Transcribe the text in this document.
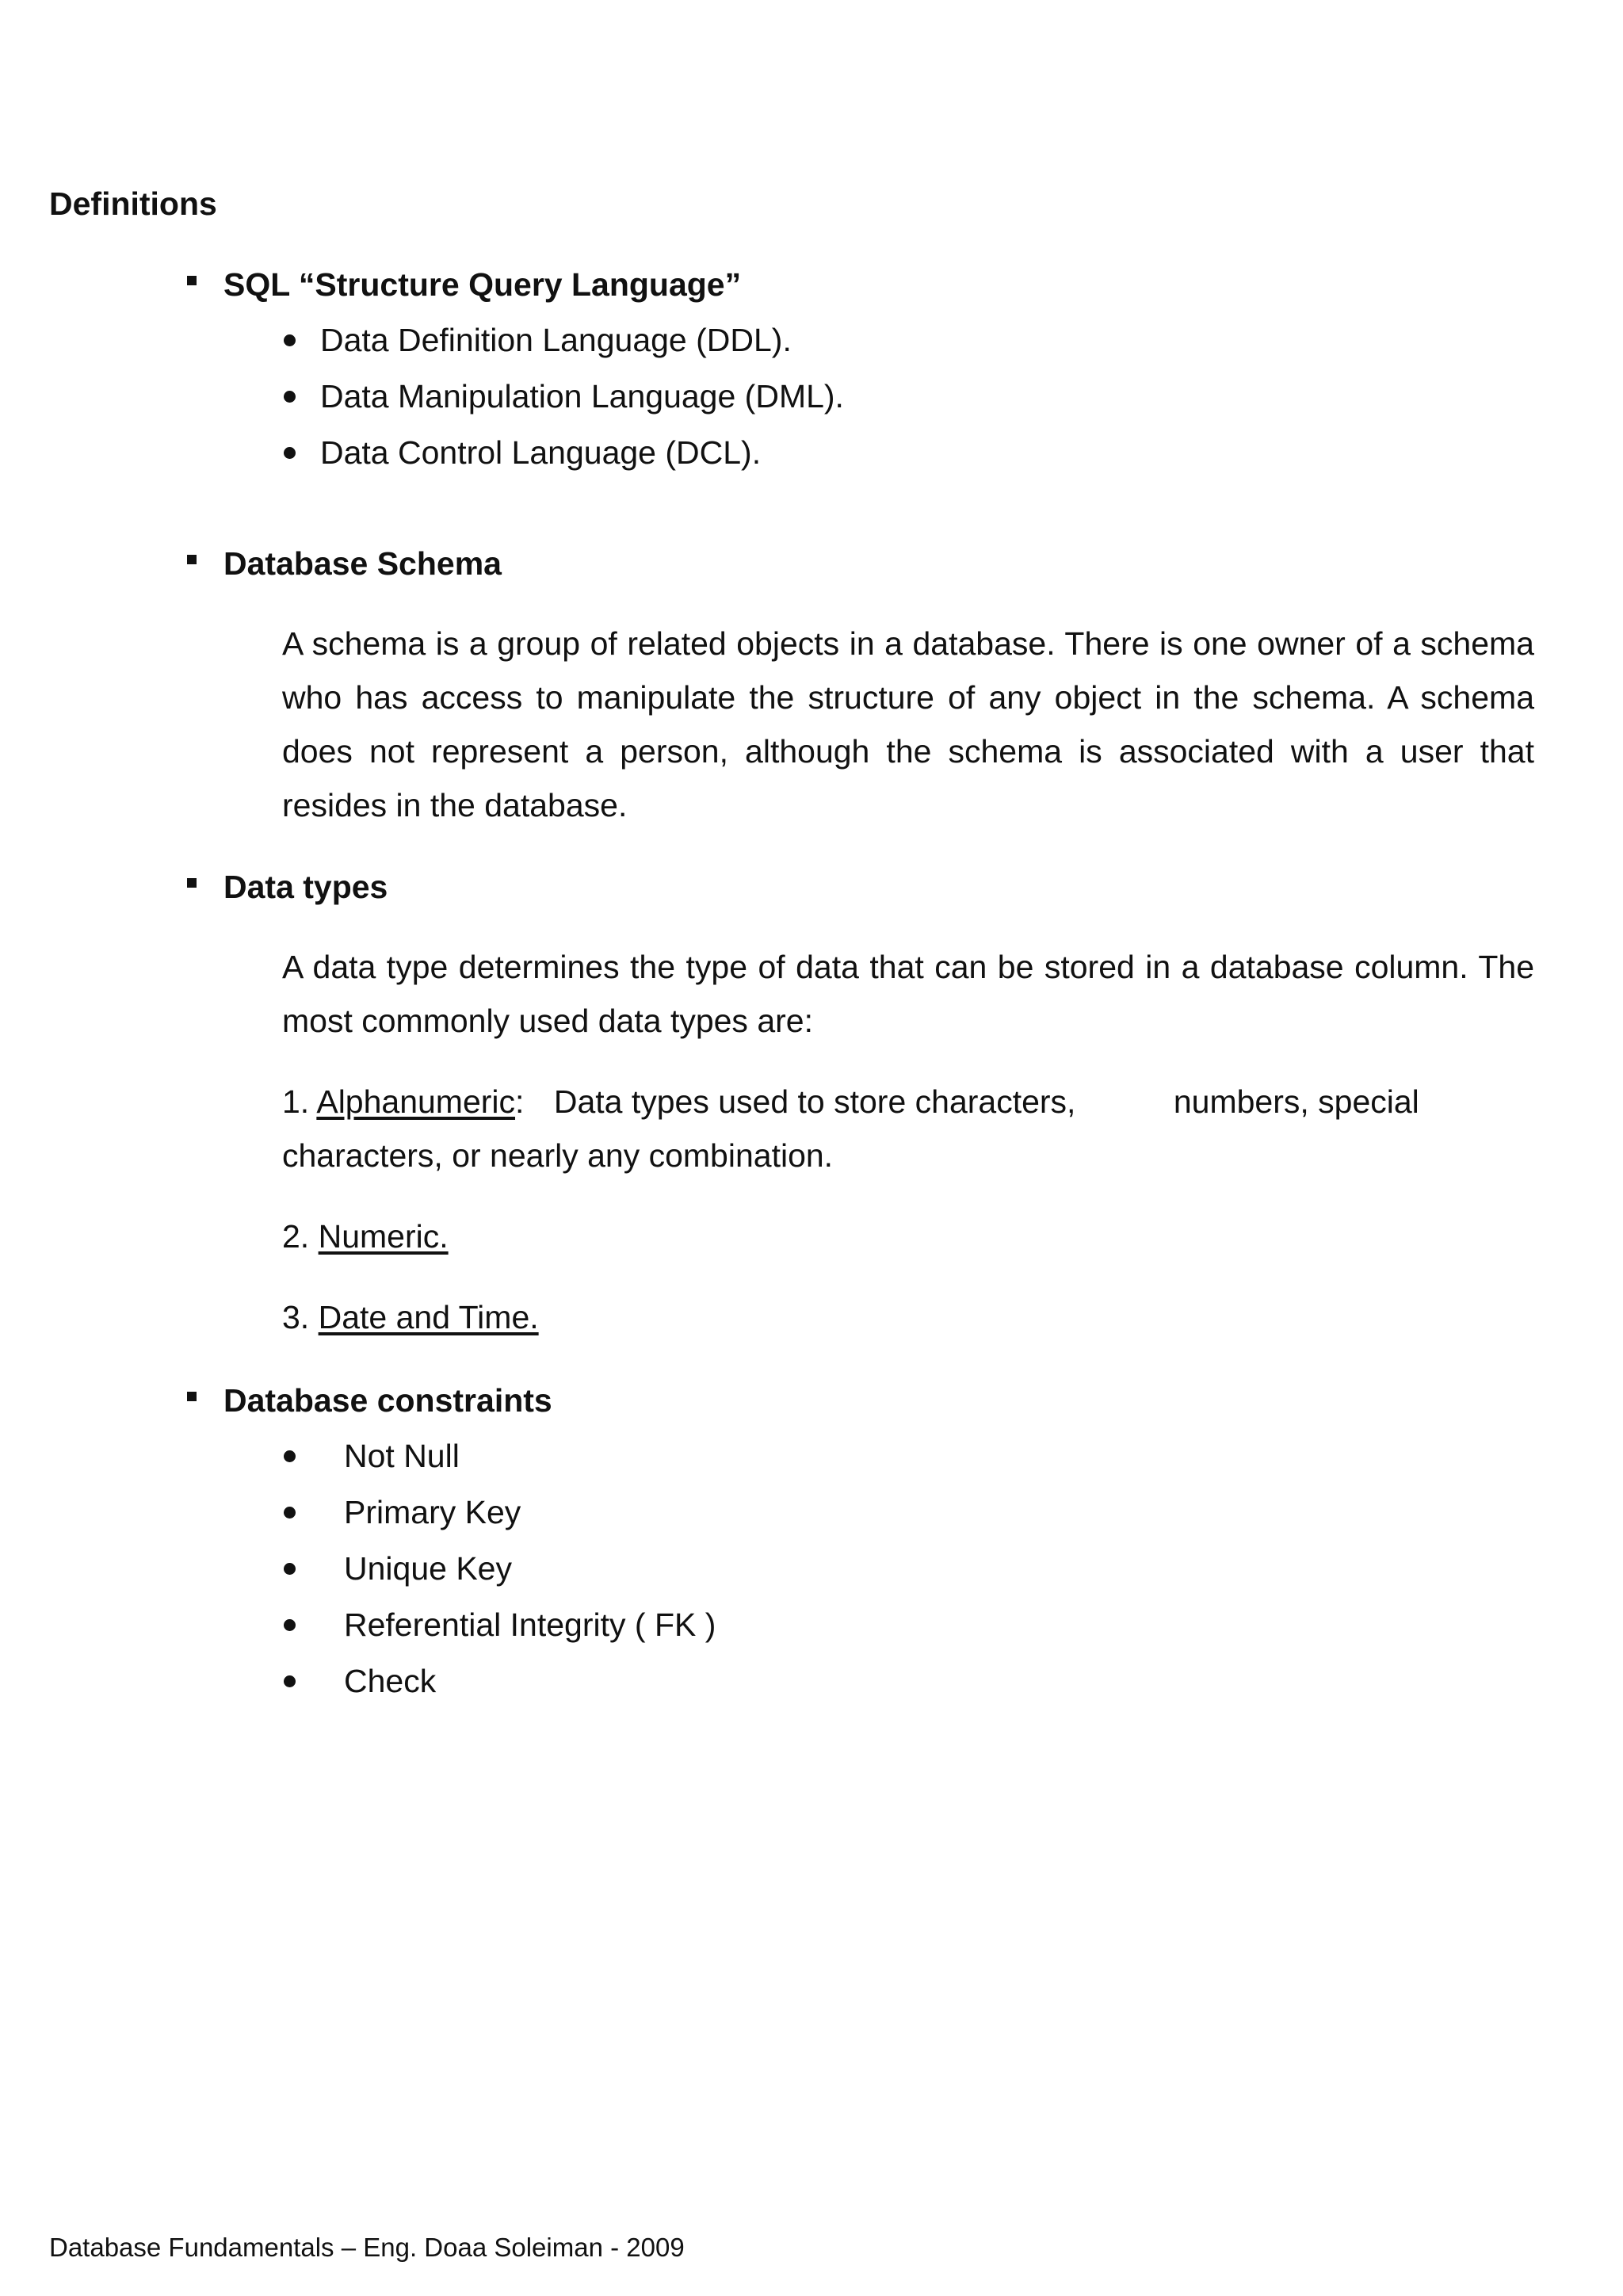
Definitions
SQL “Structure Query Language”
Data Definition Language (DDL).
Data Manipulation Language (DML).
Data Control Language (DCL).
Database Schema

A schema is a group of related objects in a database. There is one owner of a schema who has access to manipulate the structure of any object in the schema. A schema does not represent a person, although the schema is associated with a user that resides in the database.

Data types

A data type determines the type of data that can be stored in a database column. The most commonly used data types are:

1. Alphanumeric: Data types used to store characters,	numbers, special
characters, or nearly any combination.
2. Numeric.
3. Date and Time.
Database constraints
Not Null
Primary Key
Unique Key
Referential Integrity ( FK )
Check
Database Fundamentals – Eng. Doaa Soleiman - 2009
